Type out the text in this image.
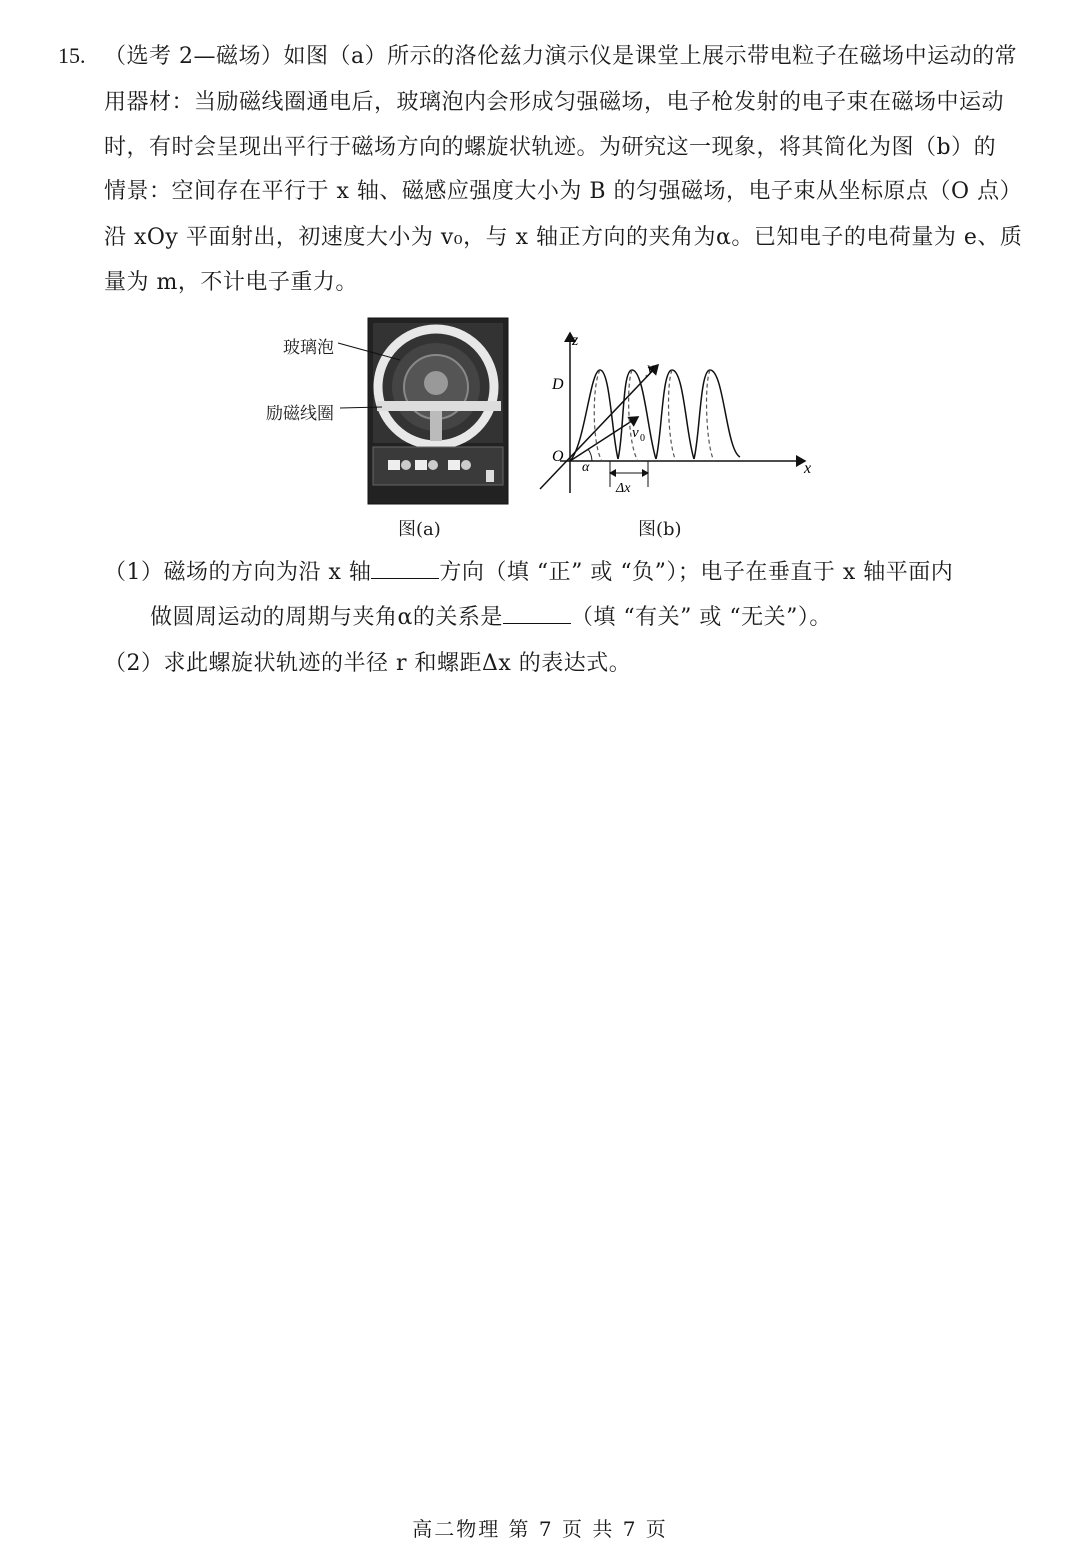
15. （选考 2—磁场）如图（a）所示的洛伦兹力演示仪是课堂上展示带电粒子在磁场中运动的常
用器材：当励磁线圈通电后，玻璃泡内会形成匀强磁场，电子枪发射的电子束在磁场中运动
时，有时会呈现出平行于磁场方向的螺旋状轨迹。为研究这一现象，将其简化为图（b）的
情景：空间存在平行于 x 轴、磁感应强度大小为 B 的匀强磁场，电子束从坐标原点（O 点）
沿 xOy 平面射出，初速度大小为 v₀，与 x 轴正方向的夹角为α。已知电子的电荷量为 e、质
量为 m，不计电子重力。
玻璃泡
励磁线圈
图(a)
z
y
x
D
O
α
v 0
Δx
图(b)
（1）磁场的方向为沿 x 轴	方向（填 “正” 或 “负”）；电子在垂直于 x 轴平面内
做圆周运动的周期与夹角α的关系是	（填 “有关” 或 “无关”）。
（2）求此螺旋状轨迹的半径 r 和螺距Δx 的表达式。
高二物理 第 7 页 共 7 页
